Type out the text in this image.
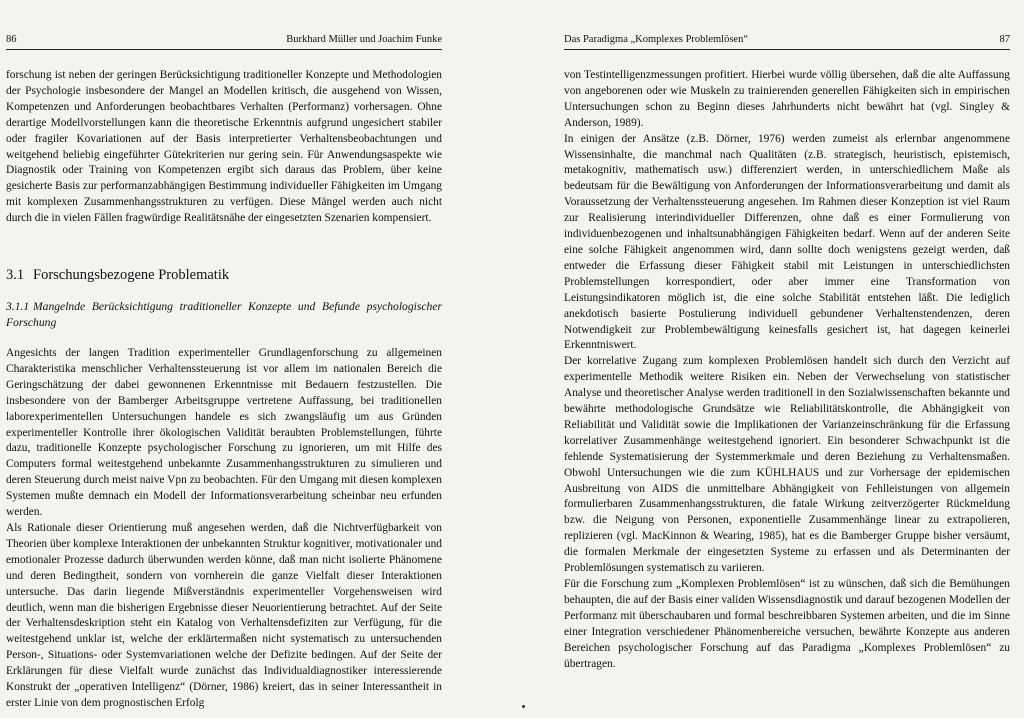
86	Burkhard Müller und Joachim Funke

forschung ist neben der geringen Berücksichtigung traditioneller Konzepte und Methodologien der Psychologie insbesondere der Mangel an Modellen kritisch, die ausgehend von Wissen, Kompetenzen und Anforderungen beobachtbares Verhalten (Performanz) vorhersagen. Ohne derartige Modellvorstellungen kann die theoretische Erkenntnis aufgrund ungesichert stabiler oder fragiler Kovariationen auf der Basis interpretierter Verhaltensbeobachtungen und weitgehend beliebig eingeführter Gütekriterien nur gering sein. Für Anwendungsaspekte wie Diagnostik oder Training von Kompetenzen ergibt sich daraus das Problem, über keine gesicherte Basis zur performanzabhängigen Bestimmung individueller Fähigkeiten im Umgang mit komplexen Zusammenhangsstrukturen zu verfügen. Diese Mängel werden auch nicht durch die in vielen Fällen fragwürdige Realitätsnähe der eingesetzten Szenarien kompensiert.

3.1 Forschungsbezogene Problematik
3.1.1 Mangelnde Berücksichtigung traditioneller Konzepte und Befunde psychologischer Forschung

Angesichts der langen Tradition experimenteller Grundlagenforschung zu allgemeinen Charakteristika menschlicher Verhaltenssteuerung ist vor allem im nationalen Bereich die Geringschätzung der dabei gewonnenen Erkenntnisse mit Bedauern festzustellen. Die insbesondere von der Bamberger Arbeitsgruppe vertretene Auffassung, bei traditionellen laborexperimentellen Untersuchungen handele es sich zwangsläufig um aus Gründen experimenteller Kontrolle ihrer ökologischen Validität beraubten Problemstellungen, führte dazu, traditionelle Konzepte psychologischer Forschung zu ignorieren, um mit Hilfe des Computers formal weitestgehend unbekannte Zusammenhangsstrukturen zu simulieren und deren Steuerung durch meist naive Vpn zu beobachten. Für den Umgang mit diesen komplexen Systemen mußte demnach ein Modell der Informationsverarbeitung scheinbar neu erfunden werden.

Als Rationale dieser Orientierung muß angesehen werden, daß die Nichtverfügbarkeit von Theorien über komplexe Interaktionen der unbekannten Struktur kognitiver, motivationaler und emotionaler Prozesse dadurch überwunden werden könne, daß man nicht isolierte Phänomene und deren Bedingtheit, sondern von vornherein die ganze Vielfalt dieser Interaktionen untersuche. Das darin liegende Mißverständnis experimenteller Vorgehensweisen wird deutlich, wenn man die bisherigen Ergebnisse dieser Neuorientierung betrachtet. Auf der Seite der Verhaltensdeskription steht ein Katalog von Verhaltensdefiziten zur Verfügung, für die weitestgehend unklar ist, welche der erklärtermaßen nicht systematisch zu untersuchenden Person-, Situations- oder Systemvariationen welche der Defizite bedingen. Auf der Seite der Erklärungen für diese Vielfalt wurde zunächst das Individualdiagnostiker interessierende Konstrukt der „operativen Intelligenz“ (Dörner, 1986) kreiert, das in seiner Interessantheit in erster Linie von dem prognostischen Erfolg

Das Paradigma „Komplexes Problemlösen“	87

von Testintelligenzmessungen profitiert. Hierbei wurde völlig übersehen, daß die alte Auffassung von angeborenen oder wie Muskeln zu trainierenden generellen Fähigkeiten sich in empirischen Untersuchungen schon zu Beginn dieses Jahrhunderts nicht bewährt hat (vgl. Singley & Anderson, 1989).

In einigen der Ansätze (z.B. Dörner, 1976) werden zumeist als erlernbar angenommene Wissensinhalte, die manchmal nach Qualitäten (z.B. strategisch, heuristisch, epistemisch, metakognitiv, mathematisch usw.) differenziert werden, in unterschiedlichem Maße als bedeutsam für die Bewältigung von Anforderungen der Informationsverarbeitung und damit als Voraussetzung der Verhaltenssteuerung angesehen. Im Rahmen dieser Konzeption ist viel Raum zur Realisierung interindividueller Differenzen, ohne daß es einer Formulierung von individuenbezogenen und inhaltsunabhängigen Fähigkeiten bedarf. Wenn auf der anderen Seite eine solche Fähigkeit angenommen wird, dann sollte doch wenigstens gezeigt werden, daß entweder die Erfassung dieser Fähigkeit stabil mit Leistungen in unterschiedlichsten Problemstellungen korrespondiert, oder aber immer eine Transformation von Leistungsindikatoren möglich ist, die eine solche Stabilität entstehen läßt. Die lediglich anekdotisch basierte Postulierung individuell gebundener Verhaltenstendenzen, deren Notwendigkeit zur Problembewältigung keinesfalls gesichert ist, hat dagegen keinerlei Erkenntniswert.

Der korrelative Zugang zum komplexen Problemlösen handelt sich durch den Verzicht auf experimentelle Methodik weitere Risiken ein. Neben der Verwechselung von statistischer Analyse und theoretischer Analyse werden traditionell in den Sozialwissenschaften bekannte und bewährte methodologische Grundsätze wie Reliabilitätskontrolle, die Abhängigkeit von Reliabilität und Validität sowie die Implikationen der Varianzeinschränkung für die Erfassung korrelativer Zusammenhänge weitestgehend ignoriert. Ein besonderer Schwachpunkt ist die fehlende Systematisierung der Systemmerkmale und deren Beziehung zu Verhaltensmaßen. Obwohl Untersuchungen wie die zum KÜHLHAUS und zur Vorhersage der epidemischen Ausbreitung von AIDS die unmittelbare Abhängigkeit von Fehlleistungen von allgemein formulierbaren Zusammenhangsstrukturen, die fatale Wirkung zeitverzögerter Rückmeldung bzw. die Neigung von Personen, exponentielle Zusammenhänge linear zu extrapolieren, replizieren (vgl. MacKinnon & Wearing, 1985), hat es die Bamberger Gruppe bisher versäumt, die formalen Merkmale der eingesetzten Systeme zu erfassen und als Determinanten der Problemlösungen systematisch zu variieren.

Für die Forschung zum „Komplexen Problemlösen“ ist zu wünschen, daß sich die Bemühungen behaupten, die auf der Basis einer validen Wissensdiagnostik und darauf bezogenen Modellen der Performanz mit überschaubaren und formal beschreibbaren Systemen arbeiten, und die im Sinne einer Integration verschiedener Phänomenbereiche versuchen, bewährte Konzepte aus anderen Bereichen psychologischer Forschung auf das Paradigma „Komplexes Problemlösen“ zu übertragen.
